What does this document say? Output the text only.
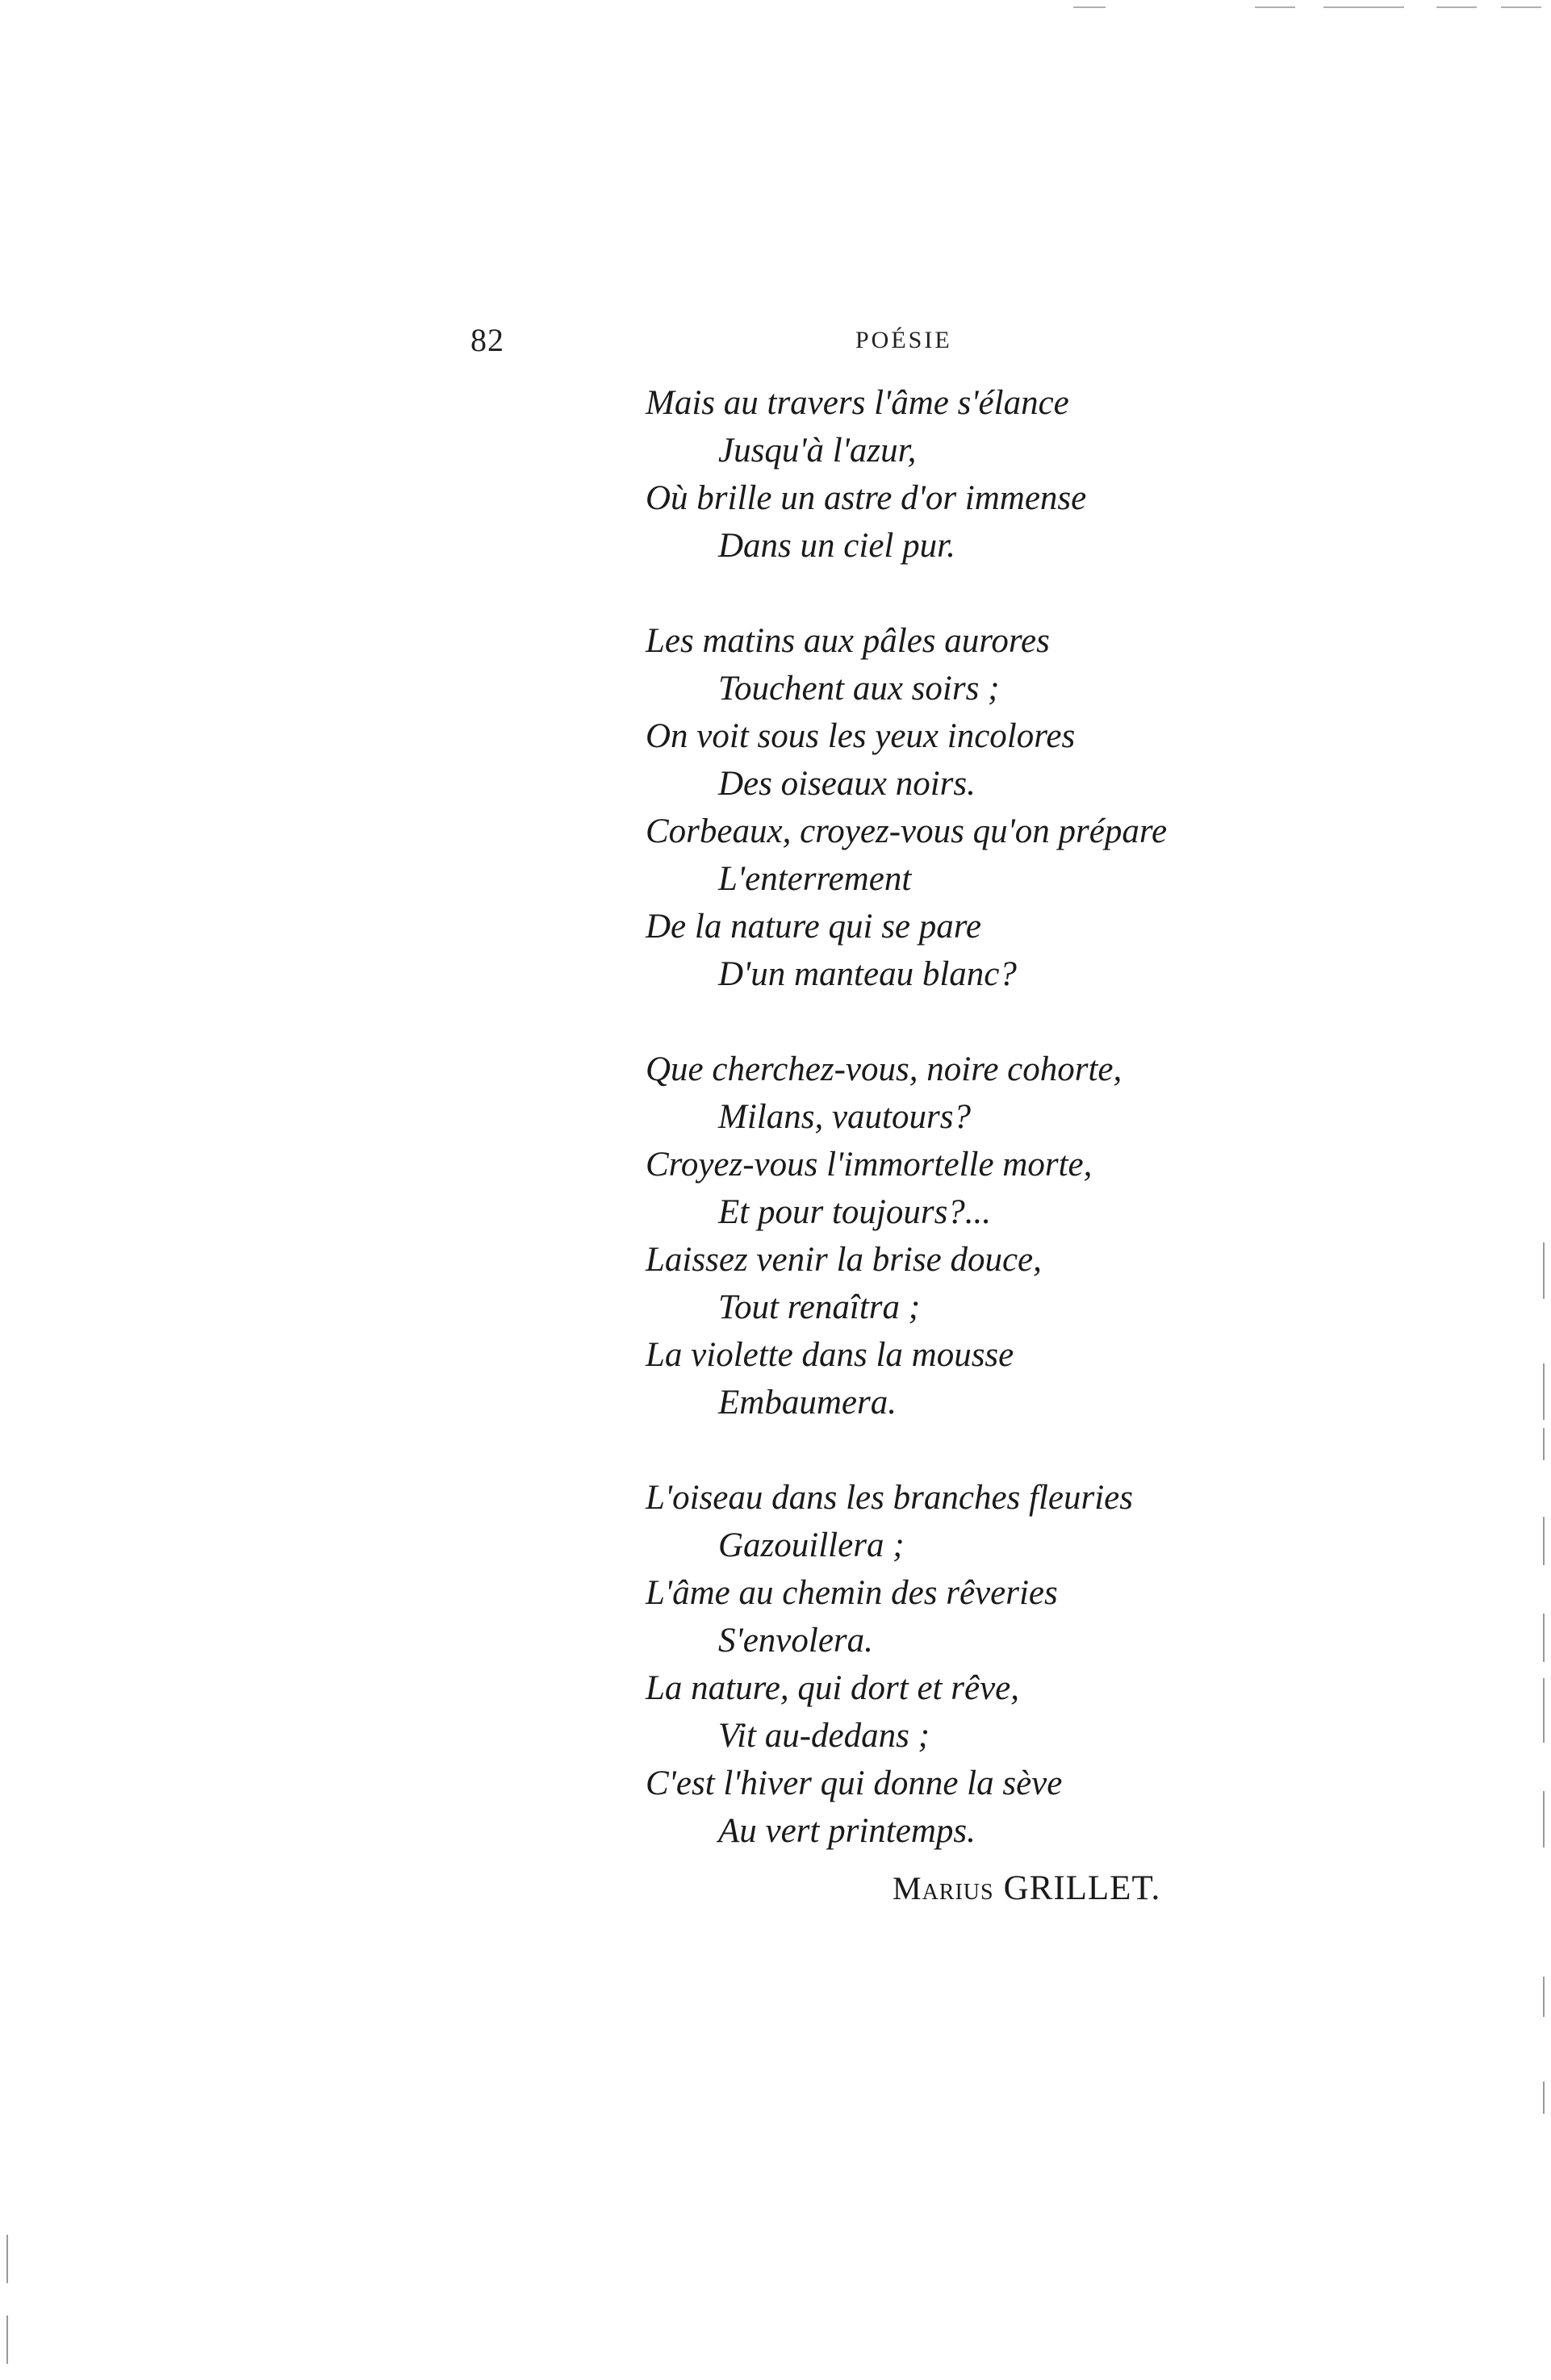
82	POÉSIE
Mais au travers l'âme s'élance
Jusqu'à l'azur,
Où brille un astre d'or immense
Dans un ciel pur.
Les matins aux pâles aurores
Touchent aux soirs ;
On voit sous les yeux incolores
Des oiseaux noirs.
Corbeaux, croyez-vous qu'on prépare
L'enterrement
De la nature qui se pare
D'un manteau blanc?
Que cherchez-vous, noire cohorte,
Milans, vautours?
Croyez-vous l'immortelle morte,
Et pour toujours?...
Laissez venir la brise douce,
Tout renaîtra ;
La violette dans la mousse
Embaumera.
L'oiseau dans les branches fleuries
Gazouillera ;
L'âme au chemin des rêveries
S'envolera.
La nature, qui dort et rêve,
Vit au-dedans ;
C'est l'hiver qui donne la sève
Au vert printemps.
Marius GRILLET.
